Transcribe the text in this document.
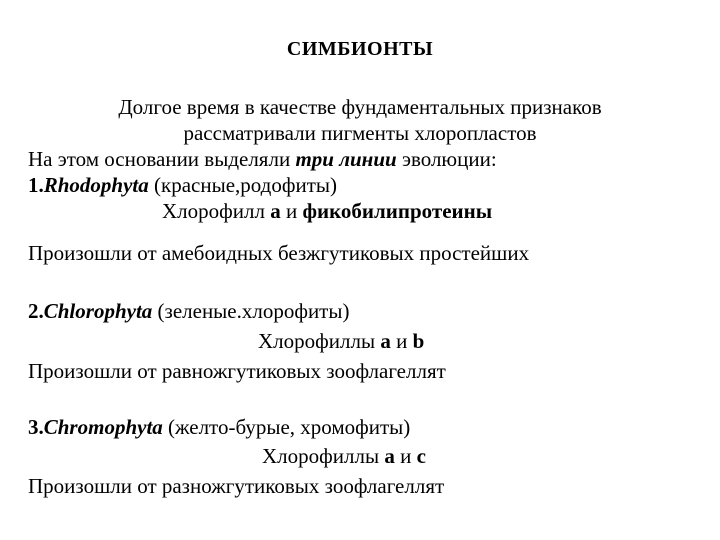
СИМБИОНТЫ
Долгое время в качестве фундаментальных признаков
рассматривали пигменты хлоропластов
На этом основании выделяли три линии эволюции:
1.Rhodophyta (красные,родофиты)
Хлорофилл а и фикобилипротеины
Произошли от амебоидных безжгутиковых простейших
2.Chlorophyta (зеленые.хлорофиты)
Хлорофиллы а и b
Произошли от равножгутиковых зоофлагеллят
3.Chromophyta (желто-бурые, хромофиты)
Хлорофиллы а и с
Произошли от разножгутиковых зоофлагеллят
